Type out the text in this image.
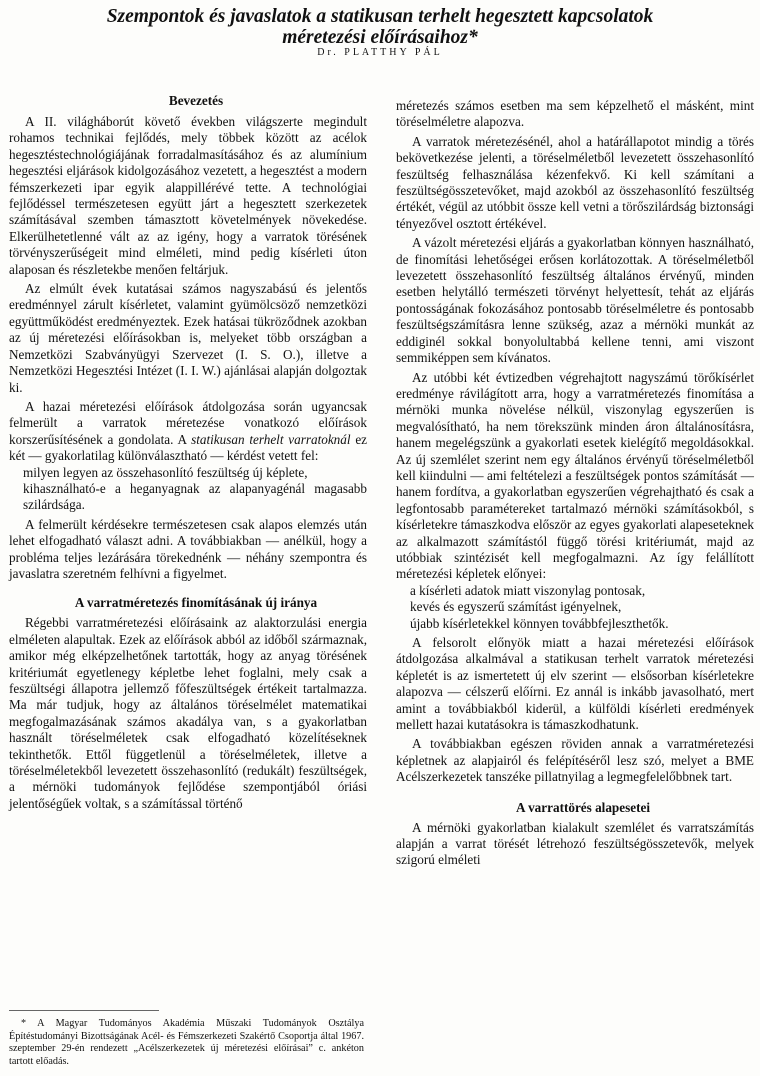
Szempontok és javaslatok a statikusan terhelt hegesztett kapcsolatok
méretezési előírásaihoz*
Dr. PLATTHY PÁL

Bevezetés

A II. világháborút követő években világszerte megindult rohamos technikai fejlődés, mely többek között az acélok hegesztéstechnológiájának forradalmasításához és az alumínium hegesztési eljárások kidolgozásához vezetett, a hegesztést a modern fémszerkezeti ipar egyik alappillérévé tette. A technológiai fejlődéssel természetesen együtt járt a hegesztett szerkezetek számításával szemben támasztott követelmények növekedése. Elkerülhetetlenné vált az az igény, hogy a varratok törésének törvényszerűségeit mind elméleti, mind pedig kísérleti úton alaposan és részletekbe menően feltárjuk.

Az elmúlt évek kutatásai számos nagyszabású és jelentős eredménnyel zárult kísérletet, valamint gyümölcsöző nemzetközi együttműködést eredményeztek. Ezek hatásai tükröződnek azokban az új méretezési előírásokban is, melyeket több országban a Nemzetközi Szabványügyi Szervezet (I. S. O.), illetve a Nemzetközi Hegesztési Intézet (I. I. W.) ajánlásai alapján dolgoztak ki.

A hazai méretezési előírások átdolgozása során ugyancsak felmerült a varratok méretezése vonatkozó előírások korszerűsítésének a gondolata. A statikusan terhelt varratoknál ez két — gyakorlatilag különválasztható — kérdést vetett fel:

milyen legyen az összehasonlító feszültség új képlete,

kihasználható-e a heganyagnak az alapanyagénál magasabb szilárdsága.

A felmerült kérdésekre természetesen csak alapos elemzés után lehet elfogadható választ adni. A továbbiakban — anélkül, hogy a probléma teljes lezárására törekednénk — néhány szempontra és javaslatra szeretném felhívni a figyelmet.

A varratméretezés finomításának új iránya

Régebbi varratméretezési előírásaink az alaktorzulási energia elméleten alapultak. Ezek az előírások abból az időből származnak, amikor még elképzelhetőnek tartották, hogy az anyag törésének kritériumát egyetlenegy képletbe lehet foglalni, mely csak a feszültségi állapotra jellemző főfeszültségek értékeit tartalmazza. Ma már tudjuk, hogy az általános töréselmélet matematikai megfogalmazásának számos akadálya van, s a gyakorlatban használt töréselméletek csak elfogadható közelítéseknek tekinthetők. Ettől függetlenül a töréselméletek, illetve a töréselméletekből levezetett összehasonlító (redukált) feszültségek, a mérnöki tudományok fejlődése szempontjából óriási jelentőségűek voltak, s a számítással történő

* A Magyar Tudományos Akadémia Műszaki Tudományok Osztálya Építéstudományi Bizottságának Acél- és Fémszerkezeti Szakértő Csoportja által 1967. szeptember 29-én rendezett „Acélszerkezetek új méretezési előírásai” c. ankéton tartott előadás.

méretezés számos esetben ma sem képzelhető el másként, mint töréselméletre alapozva.

A varratok méretezésénél, ahol a határállapotot mindig a törés bekövetkezése jelenti, a töréselméletből levezetett összehasonlító feszültség felhasználása kézenfekvő. Ki kell számítani a feszültségösszetevőket, majd azokból az összehasonlító feszültség értékét, végül az utóbbit össze kell vetni a törőszilárdság biztonsági tényezővel osztott értékével.

A vázolt méretezési eljárás a gyakorlatban könnyen használható, de finomítási lehetőségei erősen korlátozottak. A töréselméletből levezetett összehasonlító feszültség általános érvényű, minden esetben helytálló természeti törvényt helyettesít, tehát az eljárás pontosságának fokozásához pontosabb töréselméletre és pontosabb feszültségszámításra lenne szükség, azaz a mérnöki munkát az eddiginél sokkal bonyolultabbá kellene tenni, ami viszont semmiképpen sem kívánatos.

Az utóbbi két évtizedben végrehajtott nagyszámú törőkísérlet eredménye rávilágított arra, hogy a varratméretezés finomítása a mérnöki munka növelése nélkül, viszonylag egyszerűen is megvalósítható, ha nem törekszünk minden áron általánosításra, hanem megelégszünk a gyakorlati esetek kielégítő megoldásokkal. Az új szemlélet szerint nem egy általános érvényű töréselméletből kell kiindulni — ami feltételezi a feszültségek pontos számítását — hanem fordítva, a gyakorlatban egyszerűen végrehajtható és csak a legfontosabb paramétereket tartalmazó mérnöki számításokból, s kísérletekre támaszkodva először az egyes gyakorlati alapeseteknek az alkalmazott számítástól függő törési kritériumát, majd az utóbbiak szintézisét kell megfogalmazni. Az így felállított méretezési képletek előnyei:

a kísérleti adatok miatt viszonylag pontosak,

kevés és egyszerű számítást igényelnek,

újabb kísérletekkel könnyen továbbfejleszthetők.

A felsorolt előnyök miatt a hazai méretezési előírások átdolgozása alkalmával a statikusan terhelt varratok méretezési képletét is az ismertetett új elv szerint — elsősorban kísérletekre alapozva — célszerű előírni. Ez annál is inkább javasolható, mert amint a továbbiakból kiderül, a külföldi kísérleti eredmények mellett hazai kutatásokra is támaszkodhatunk.

A továbbiakban egészen röviden annak a varratméretezési képletnek az alapjairól és felépítéséről lesz szó, melyet a BME Acélszerkezetek tanszéke pillatnyilag a legmegfelelőbbnek tart.

A varrattörés alapesetei

A mérnöki gyakorlatban kialakult szemlélet és varratszámítás alapján a varrat törését létrehozó feszültségösszetevők, melyek szigorú elméleti
